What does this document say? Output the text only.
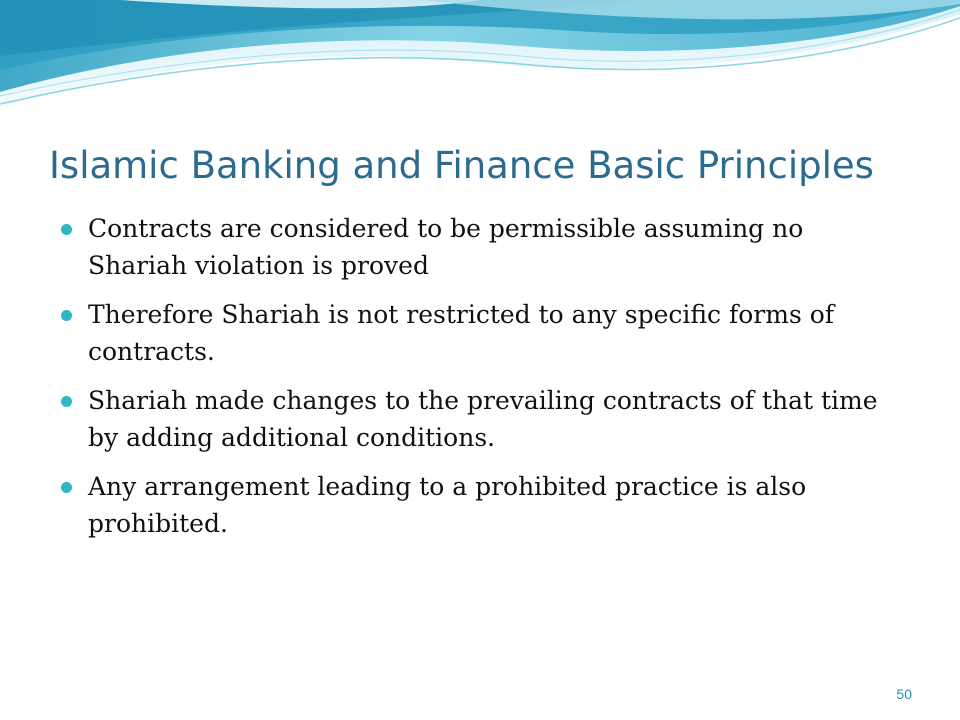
Islamic Banking and Finance Basic Principles
Contracts are considered to be permissible assuming no Shariah violation is proved
Therefore Shariah is not restricted to any specific forms of contracts.
Shariah made changes to the prevailing contracts of that time by adding additional conditions.
Any arrangement leading to a prohibited practice is also prohibited.
50
